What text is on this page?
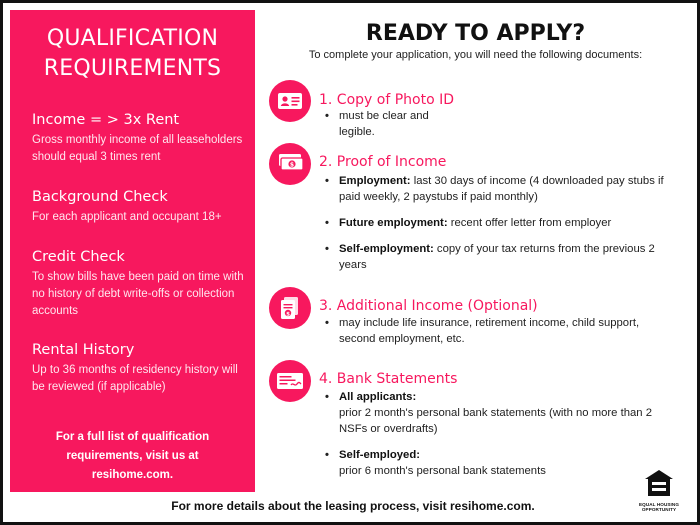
QUALIFICATION
REQUIREMENTS
Income = > 3x Rent
Gross monthly income of all leaseholders should equal 3 times rent
Background Check
For each applicant and occupant 18+
Credit Check
To show bills have been paid on time with no history of debt write-offs or collection accounts
Rental History
Up to 36 months of residency history will be reviewed (if applicable)
For a full list of qualification requirements, visit us at resihome.com.
READY TO APPLY?
To complete your application, you will need the following documents:
1. Copy of Photo ID
• must be clear and legible.
$ 2. Proof of Income
• Employment: last 30 days of income (4 downloaded pay stubs if paid weekly, 2 paystubs if paid monthly)
• Future employment: recent offer letter from employer
• Self-employment: copy of your tax returns from the previous 2 years
$
3. Additional Income (Optional)
• may include life insurance, retirement income, child support, second employment, etc.
4. Bank Statements
• All applicants:
prior 2 month's personal bank statements (with no more than 2 NSFs or overdrafts)
• Self-employed:
prior 6 month's personal bank statements
For more details about the leasing process, visit resihome.com.	EQUAL HOUSING
OPPORTUNITY
